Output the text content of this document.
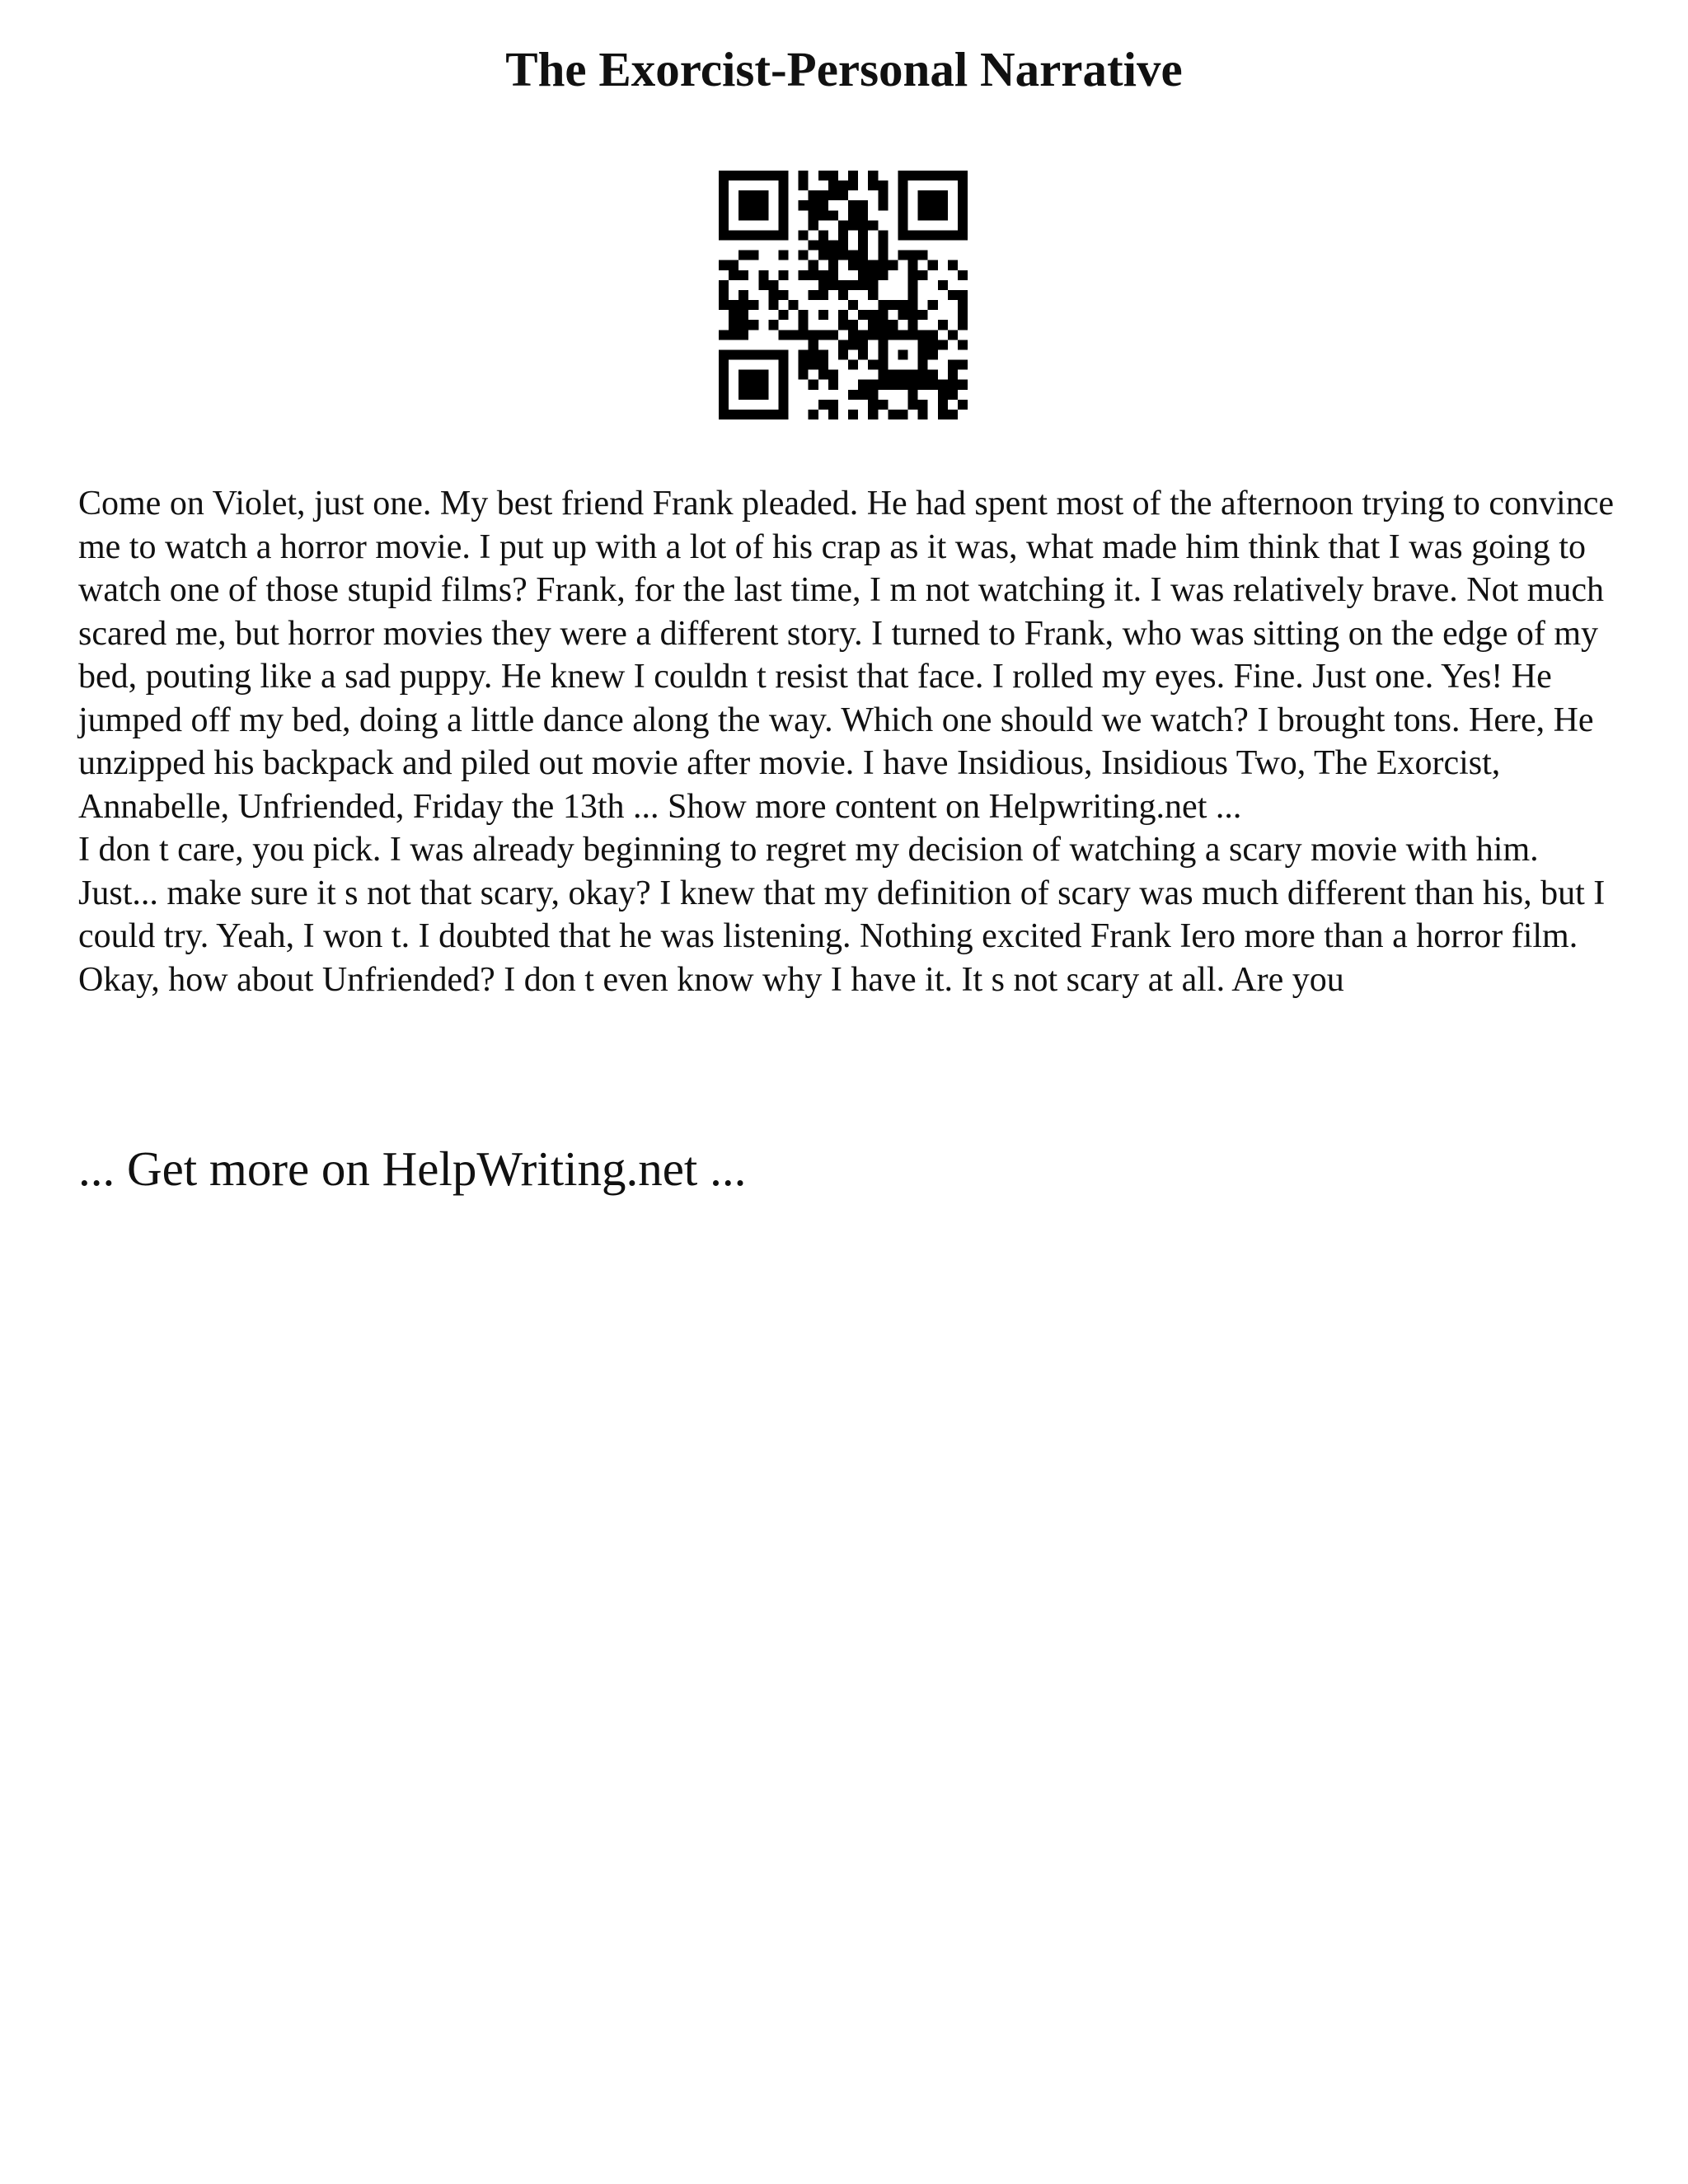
The Exorcist-Personal Narrative

Come on Violet, just one. My best friend Frank pleaded. He had spent most of the afternoon trying to convince me to watch a horror movie. I put up with a lot of his crap as it was, what made him think that I was going to watch one of those stupid films? Frank, for the last time, I m not watching it. I was relatively brave. Not much scared me, but horror movies they were a different story. I turned to Frank, who was sitting on the edge of my bed, pouting like a sad puppy. He knew I couldn t resist that face. I rolled my eyes. Fine. Just one. Yes! He jumped off my bed, doing a little dance along the way. Which one should we watch? I brought tons. Here, He unzipped his backpack and piled out movie after movie. I have Insidious, Insidious Two, The Exorcist, Annabelle, Unfriended, Friday the 13th ... Show more content on Helpwriting.net ...

I don t care, you pick. I was already beginning to regret my decision of watching a scary movie with him. Just... make sure it s not that scary, okay? I knew that my definition of scary was much different than his, but I could try. Yeah, I won t. I doubted that he was listening. Nothing excited Frank Iero more than a horror film. Okay, how about Unfriended? I don t even know why I have it. It s not scary at all. Are you

... Get more on HelpWriting.net ...
